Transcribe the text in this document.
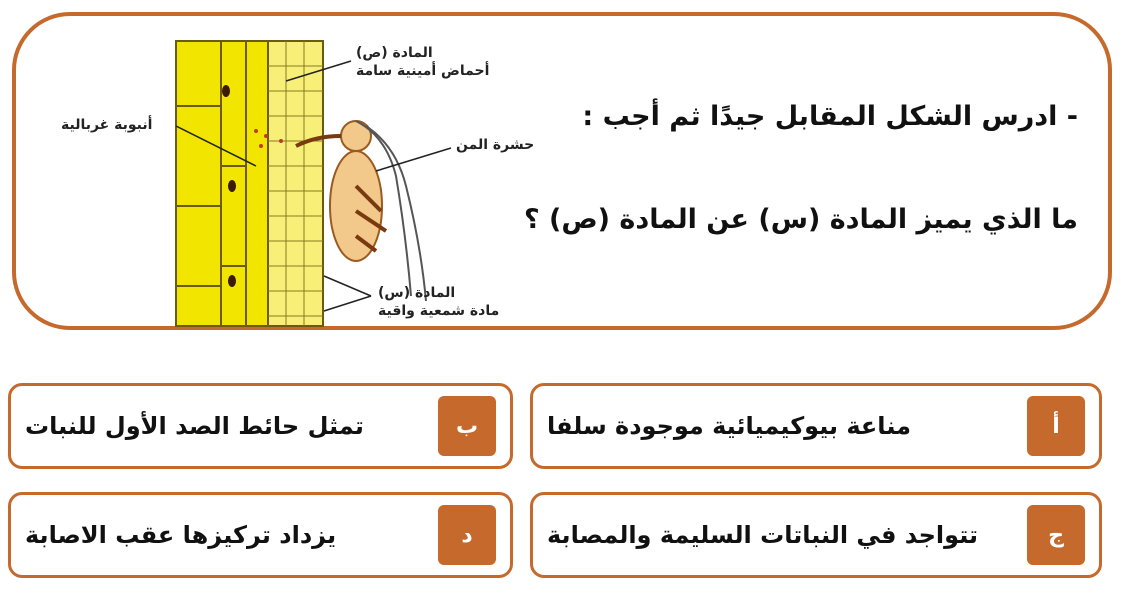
المادة (ص)
أحماض أمينية سامة
أنبوبة غربالية
حشرة المن
المادة (س)
مادة شمعية واقية
- ادرس الشكل المقابل جيدًا ثم أجب :
ما الذي يميز المادة (س) عن المادة (ص) ؟
أ
مناعة بيوكيميائية موجودة سلفا
ب
تمثل حائط الصد الأول للنبات
ج
تتواجد في النباتات السليمة والمصابة
د
يزداد تركيزها عقب الاصابة
